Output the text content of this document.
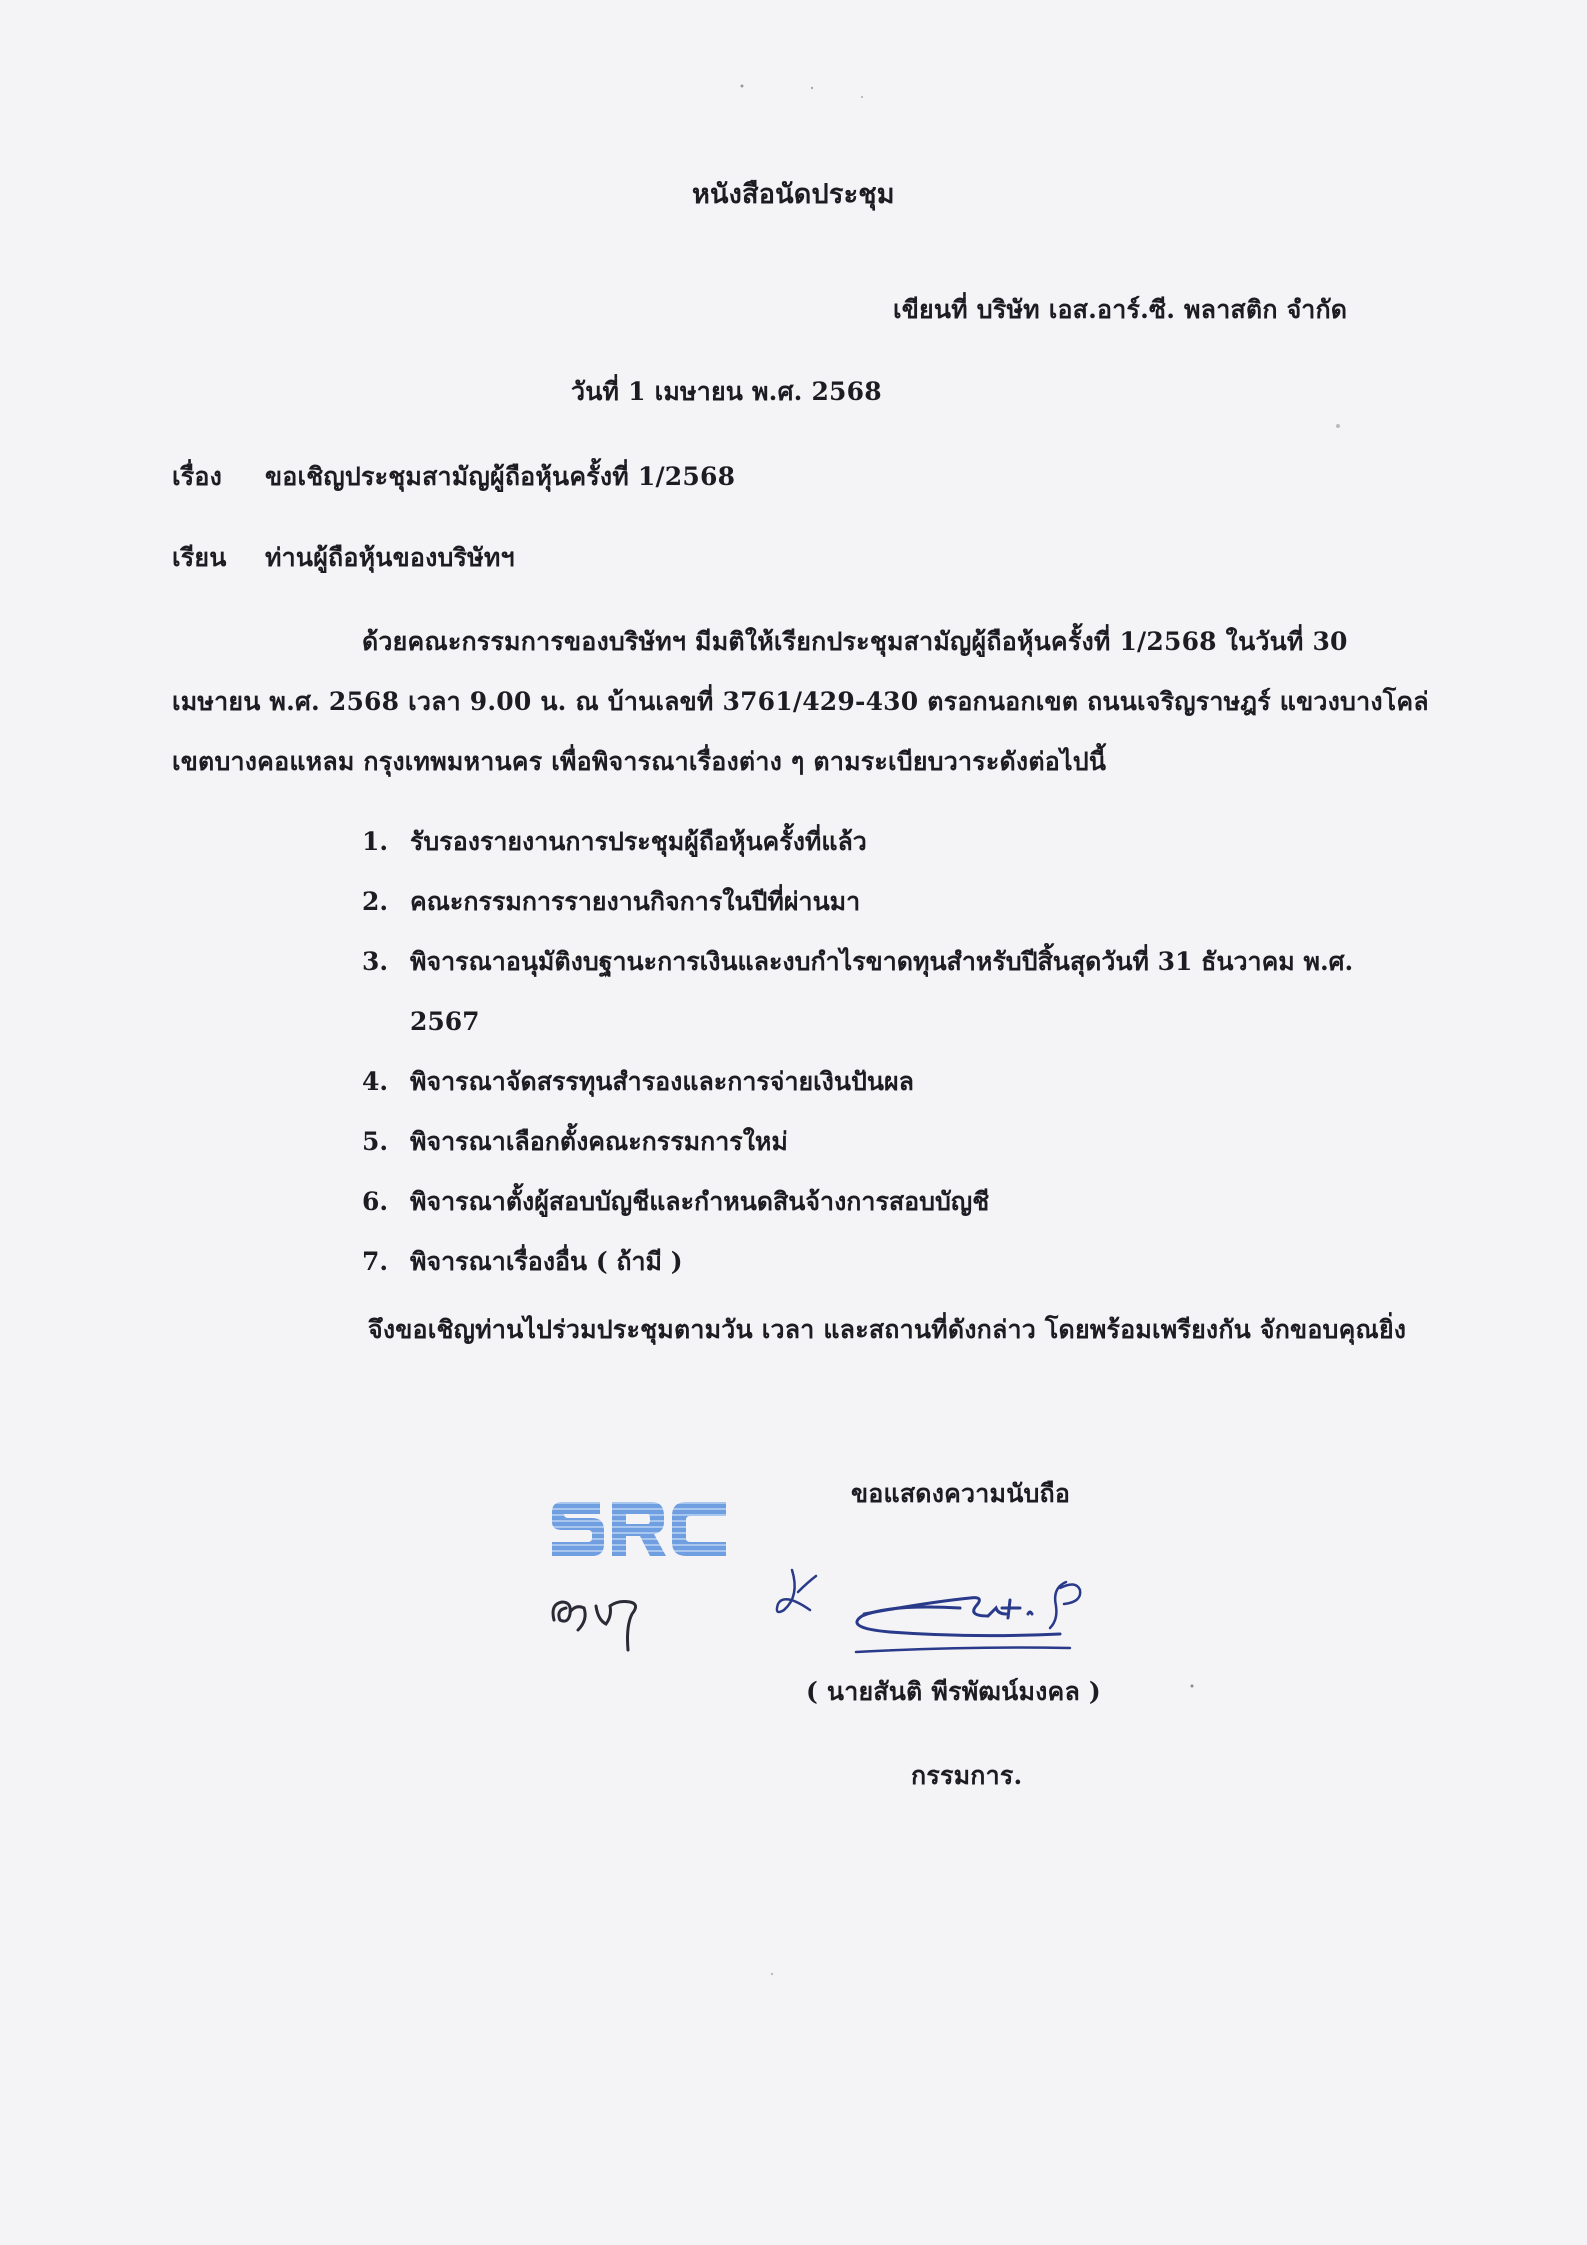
หนังสือนัดประชุม
เขียนที่ บริษัท เอส.อาร์.ซี. พลาสติก จำกัด
วันที่ 1 เมษายน พ.ศ. 2568
เรื่อง ขอเชิญประชุมสามัญผู้ถือหุ้นครั้งที่ 1/2568
เรียน ท่านผู้ถือหุ้นของบริษัทฯ
ด้วยคณะกรรมการของบริษัทฯ มีมติให้เรียกประชุมสามัญผู้ถือหุ้นครั้งที่ 1/2568 ในวันที่ 30
เมษายน พ.ศ. 2568 เวลา 9.00 น. ณ บ้านเลขที่ 3761/429-430 ตรอกนอกเขต ถนนเจริญราษฎร์ แขวงบางโคล่
เขตบางคอแหลม กรุงเทพมหานคร เพื่อพิจารณาเรื่องต่าง ๆ ตามระเบียบวาระดังต่อไปนี้
1. รับรองรายงานการประชุมผู้ถือหุ้นครั้งที่แล้ว
2. คณะกรรมการรายงานกิจการในปีที่ผ่านมา
3. พิจารณาอนุมัติงบฐานะการเงินและงบกำไรขาดทุนสำหรับปีสิ้นสุดวันที่ 31 ธันวาคม พ.ศ.
2567
4. พิจารณาจัดสรรทุนสำรองและการจ่ายเงินปันผล
5. พิจารณาเลือกตั้งคณะกรรมการใหม่
6. พิจารณาตั้งผู้สอบบัญชีและกำหนดสินจ้างการสอบบัญชี
7. พิจารณาเรื่องอื่น ( ถ้ามี )
จึงขอเชิญท่านไปร่วมประชุมตามวัน เวลา และสถานที่ดังกล่าว โดยพร้อมเพรียงกัน จักขอบคุณยิ่ง
ขอแสดงความนับถือ
( นายสันติ พีรพัฒน์มงคล )
กรรมการ.
